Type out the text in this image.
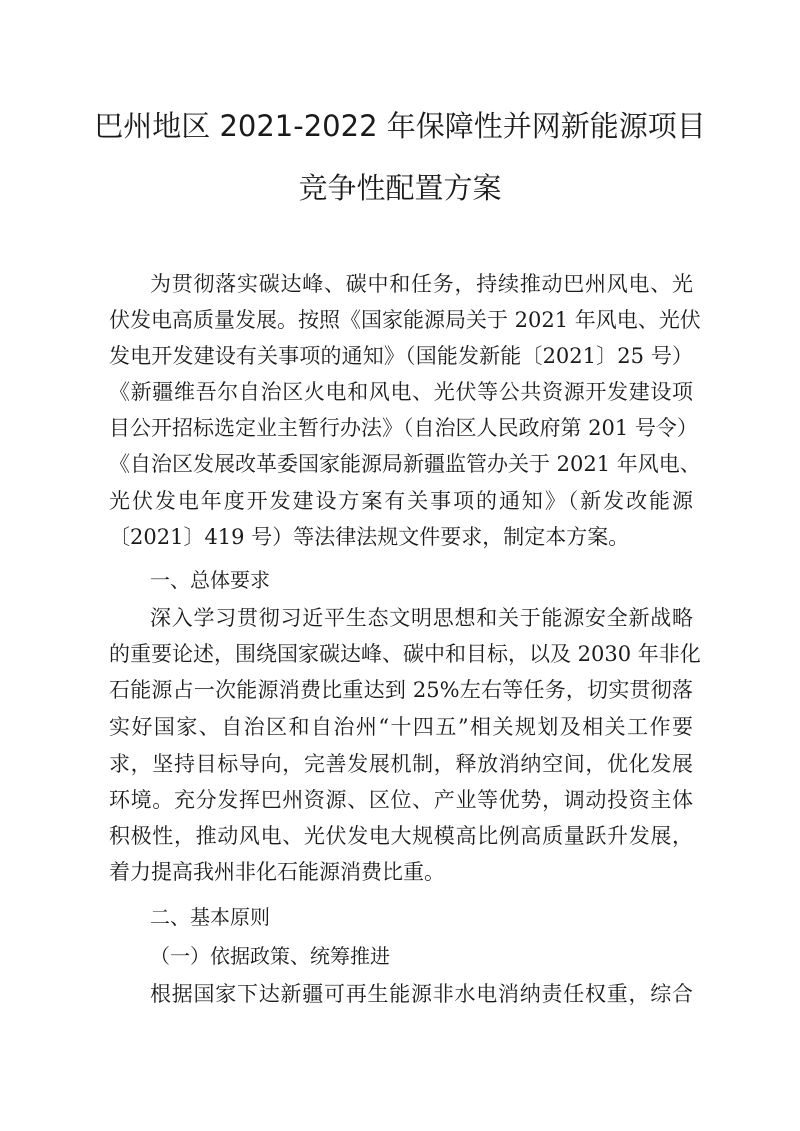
巴州地区 2021-2022 年保障性并网新能源项目
竞争性配置方案
为贯彻落实碳达峰、碳中和任务，持续推动巴州风电、光
伏发电高质量发展。按照《国家能源局关于 2021 年风电、光伏
发电开发建设有关事项的通知》（国能发新能〔2021〕25 号）
《新疆维吾尔自治区火电和风电、光伏等公共资源开发建设项
目公开招标选定业主暂行办法》（自治区人民政府第 201 号令）
《自治区发展改革委国家能源局新疆监管办关于 2021 年风电、
光伏发电年度开发建设方案有关事项的通知》（新发改能源
〔2021〕419 号）等法律法规文件要求，制定本方案。
一、总体要求
深入学习贯彻习近平生态文明思想和关于能源安全新战略
的重要论述，围绕国家碳达峰、碳中和目标，以及 2030 年非化
石能源占一次能源消费比重达到 25%左右等任务，切实贯彻落
实好国家、自治区和自治州“十四五”相关规划及相关工作要
求，坚持目标导向，完善发展机制，释放消纳空间，优化发展
环境。充分发挥巴州资源、区位、产业等优势，调动投资主体
积极性，推动风电、光伏发电大规模高比例高质量跃升发展，
着力提高我州非化石能源消费比重。
二、基本原则
（一）依据政策、统筹推进
根据国家下达新疆可再生能源非水电消纳责任权重，综合
